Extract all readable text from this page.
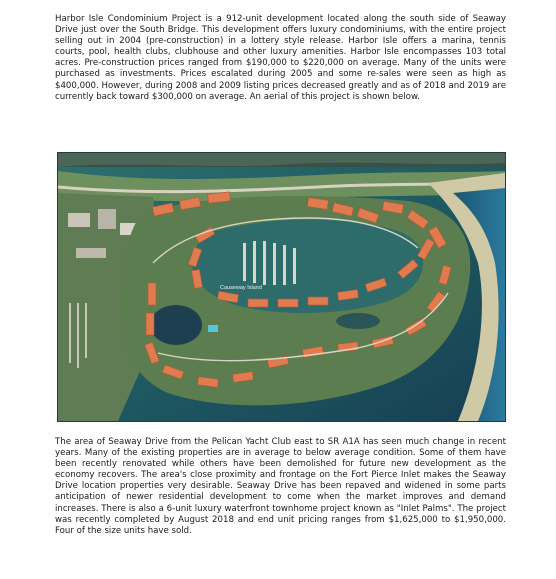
Harbor Isle Condominium Project is a 912-unit development located along the south side of Seaway Drive just over the South Bridge. This development offers luxury condominiums, with the entire project selling out in 2004 (pre-construction) in a lottery style release. Harbor Isle offers a marina, tennis courts, pool, health clubs, clubhouse and other luxury amenities. Harbor Isle encompasses 103 total acres. Pre-construction prices ranged from $190,000 to $220,000 on average. Many of the units were purchased as investments. Prices escalated during 2005 and some re-sales were seen as high as $400,000. However, during 2008 and 2009 listing prices decreased greatly and as of 2018 and 2019 are currently back toward $300,000 on average. An aerial of this project is shown below.

Causeway Island

The area of Seaway Drive from the Pelican Yacht Club east to SR A1A has seen much change in recent years. Many of the existing properties are in average to below average condition. Some of them have been recently renovated while others have been demolished for future new development as the economy recovers. The area's close proximity and frontage on the Fort Pierce Inlet makes the Seaway Drive location properties very desirable. Seaway Drive has been repaved and widened in some parts anticipation of newer residential development to come when the market improves and demand increases. There is also a 6-unit luxury waterfront townhome project known as "Inlet Palms". The project was recently completed by August 2018 and end unit pricing ranges from $1,625,000 to $1,950,000. Four of the size units have sold.
